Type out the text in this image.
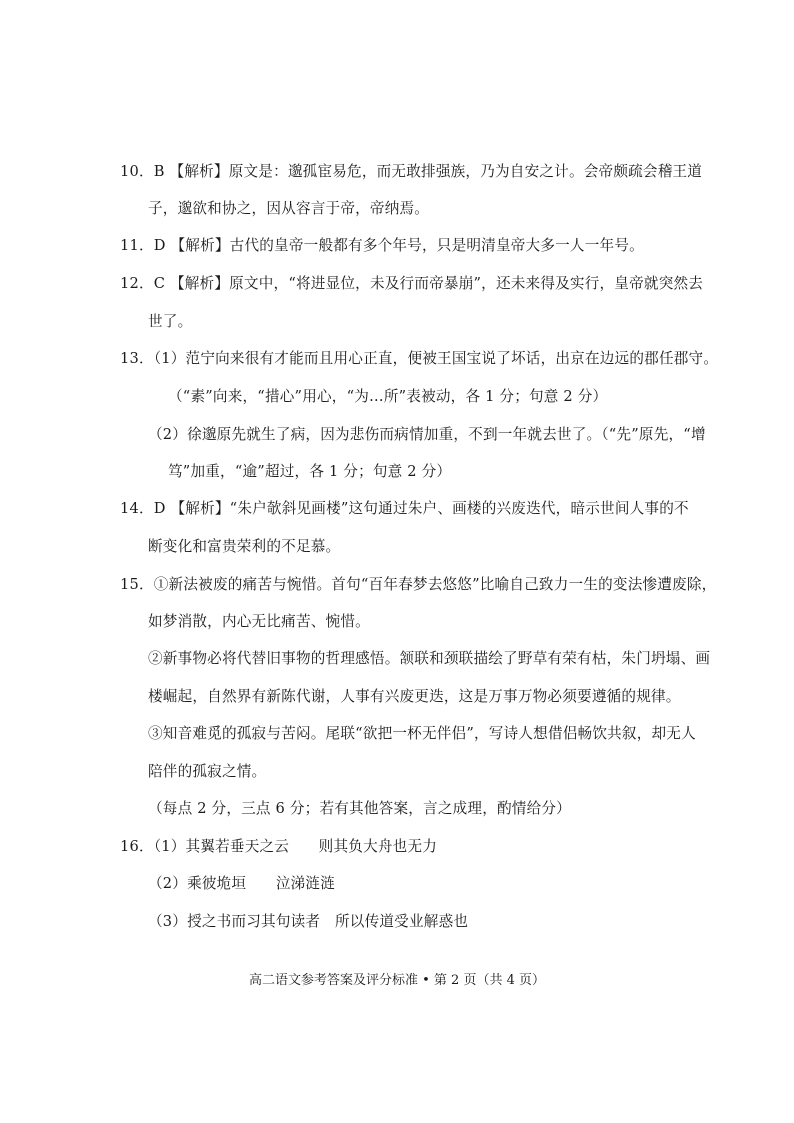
10．B 【解析】原文是：邈孤宦易危，而无敢排强族，乃为自安之计。会帝颇疏会稽王道
子，邈欲和协之，因从容言于帝，帝纳焉。
11．D 【解析】古代的皇帝一般都有多个年号，只是明清皇帝大多一人一年号。
12．C 【解析】原文中，“将进显位，未及行而帝暴崩”，还未来得及实行，皇帝就突然去
世了。
13．（1）范宁向来很有才能而且用心正直，便被王国宝说了坏话，出京在边远的郡任郡守。
（“素”向来，“措心”用心，“为…所”表被动，各 1 分；句意 2 分）
（2）徐邈原先就生了病，因为悲伤而病情加重，不到一年就去世了。（“先”原先，“增
笃”加重，“逾”超过，各 1 分；句意 2 分）
14．D 【解析】“朱户欹斜见画楼”这句通过朱户、画楼的兴废迭代，暗示世间人事的不
断变化和富贵荣利的不足慕。
15．①新法被废的痛苦与惋惜。首句“百年春梦去悠悠”比喻自己致力一生的变法惨遭废除，
如梦消散，内心无比痛苦、惋惜。
②新事物必将代替旧事物的哲理感悟。颔联和颈联描绘了野草有荣有枯，朱门坍塌、画
楼崛起，自然界有新陈代谢，人事有兴废更迭，这是万事万物必须要遵循的规律。
③知音难觅的孤寂与苦闷。尾联“欲把一杯无伴侣”，写诗人想借侣畅饮共叙，却无人
陪伴的孤寂之情。
（每点 2 分，三点 6 分；若有其他答案，言之成理，酌情给分）
16．（1）其翼若垂天之云　　则其负大舟也无力
（2）乘彼垝垣　　泣涕涟涟
（3）授之书而习其句读者　所以传道受业解惑也
高二语文参考答案及评分标准 • 第 2 页（共 4 页）
